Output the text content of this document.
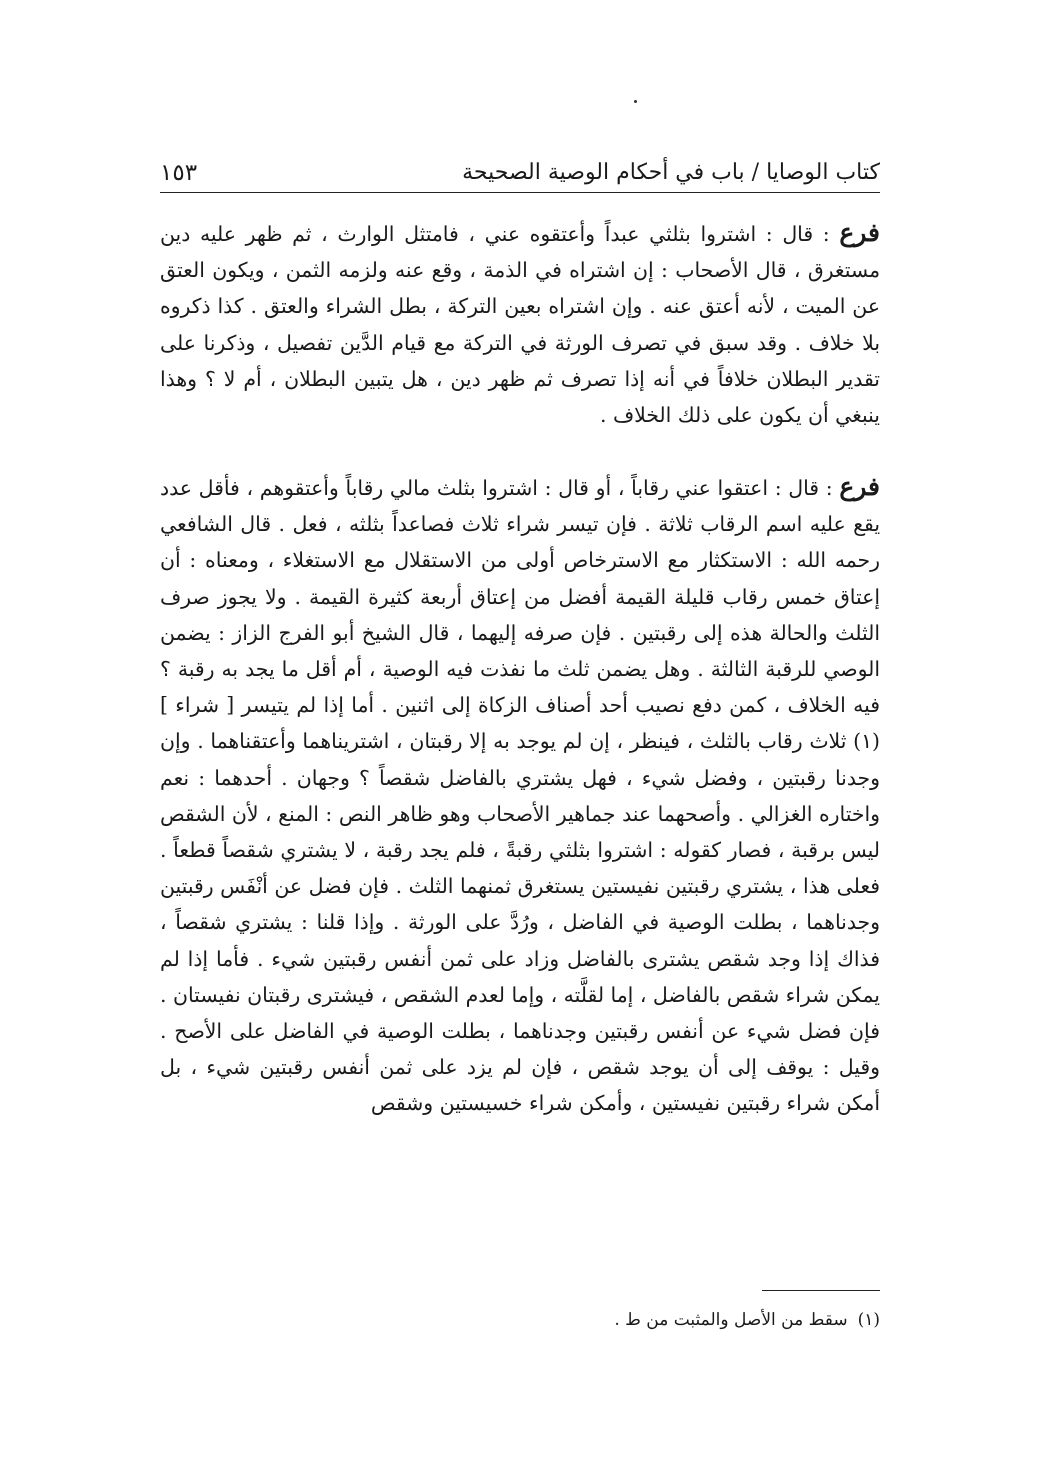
كتاب الوصايا / باب في أحكام الوصية الصحيحة
١٥٣

فرع : قال : اشتروا بثلثي عبداً وأعتقوه عني ، فامتثل الوارث ، ثم ظهر عليه دين مستغرق ، قال الأصحاب : إن اشتراه في الذمة ، وقع عنه ولزمه الثمن ، ويكون العتق عن الميت ، لأنه أعتق عنه . وإن اشتراه بعين التركة ، بطل الشراء والعتق . كذا ذكروه بلا خلاف . وقد سبق في تصرف الورثة في التركة مع قيام الدَّين تفصيل ، وذكرنا على تقدير البطلان خلافاً في أنه إذا تصرف ثم ظهر دين ، هل يتبين البطلان ، أم لا ؟ وهذا ينبغي أن يكون على ذلك الخلاف .

فرع : قال : اعتقوا عني رقاباً ، أو قال : اشتروا بثلث مالي رقاباً وأعتقوهم ، فأقل عدد يقع عليه اسم الرقاب ثلاثة . فإن تيسر شراء ثلاث فصاعداً بثلثه ، فعل . قال الشافعي رحمه الله : الاستكثار مع الاسترخاص أولى من الاستقلال مع الاستغلاء ، ومعناه : أن إعتاق خمس رقاب قليلة القيمة أفضل من إعتاق أربعة كثيرة القيمة . ولا يجوز صرف الثلث والحالة هذه إلى رقبتين . فإن صرفه إليهما ، قال الشيخ أبو الفرج الزاز : يضمن الوصي للرقبة الثالثة . وهل يضمن ثلث ما نفذت فيه الوصية ، أم أقل ما يجد به رقبة ؟ فيه الخلاف ، كمن دفع نصيب أحد أصناف الزكاة إلى اثنين . أما إذا لم يتيسر [ شراء ](١) ثلاث رقاب بالثلث ، فينظر ، إن لم يوجد به إلا رقبتان ، اشتريناهما وأعتقناهما . وإن وجدنا رقبتين ، وفضل شيء ، فهل يشتري بالفاضل شقصاً ؟ وجهان . أحدهما : نعم واختاره الغزالي . وأصحهما عند جماهير الأصحاب وهو ظاهر النص : المنع ، لأن الشقص ليس برقبة ، فصار كقوله : اشتروا بثلثي رقبةً ، فلم يجد رقبة ، لا يشتري شقصاً قطعاً . فعلى هذا ، يشتري رقبتين نفيستين يستغرق ثمنهما الثلث . فإن فضل عن أنْفَس رقبتين وجدناهما ، بطلت الوصية في الفاضل ، ورُدَّ على الورثة . وإذا قلنا : يشتري شقصاً ، فذاك إذا وجد شقص يشترى بالفاضل وزاد على ثمن أنفس رقبتين شيء . فأما إذا لم يمكن شراء شقص بالفاضل ، إما لقلَّته ، وإما لعدم الشقص ، فيشترى رقبتان نفيستان . فإن فضل شيء عن أنفس رقبتين وجدناهما ، بطلت الوصية في الفاضل على الأصح . وقيل : يوقف إلى أن يوجد شقص ، فإن لم يزد على ثمن أنفس رقبتين شيء ، بل أمكن شراء رقبتين نفيستين ، وأمكن شراء خسيستين وشقص

(١)سقط من الأصل والمثبت من ط .
